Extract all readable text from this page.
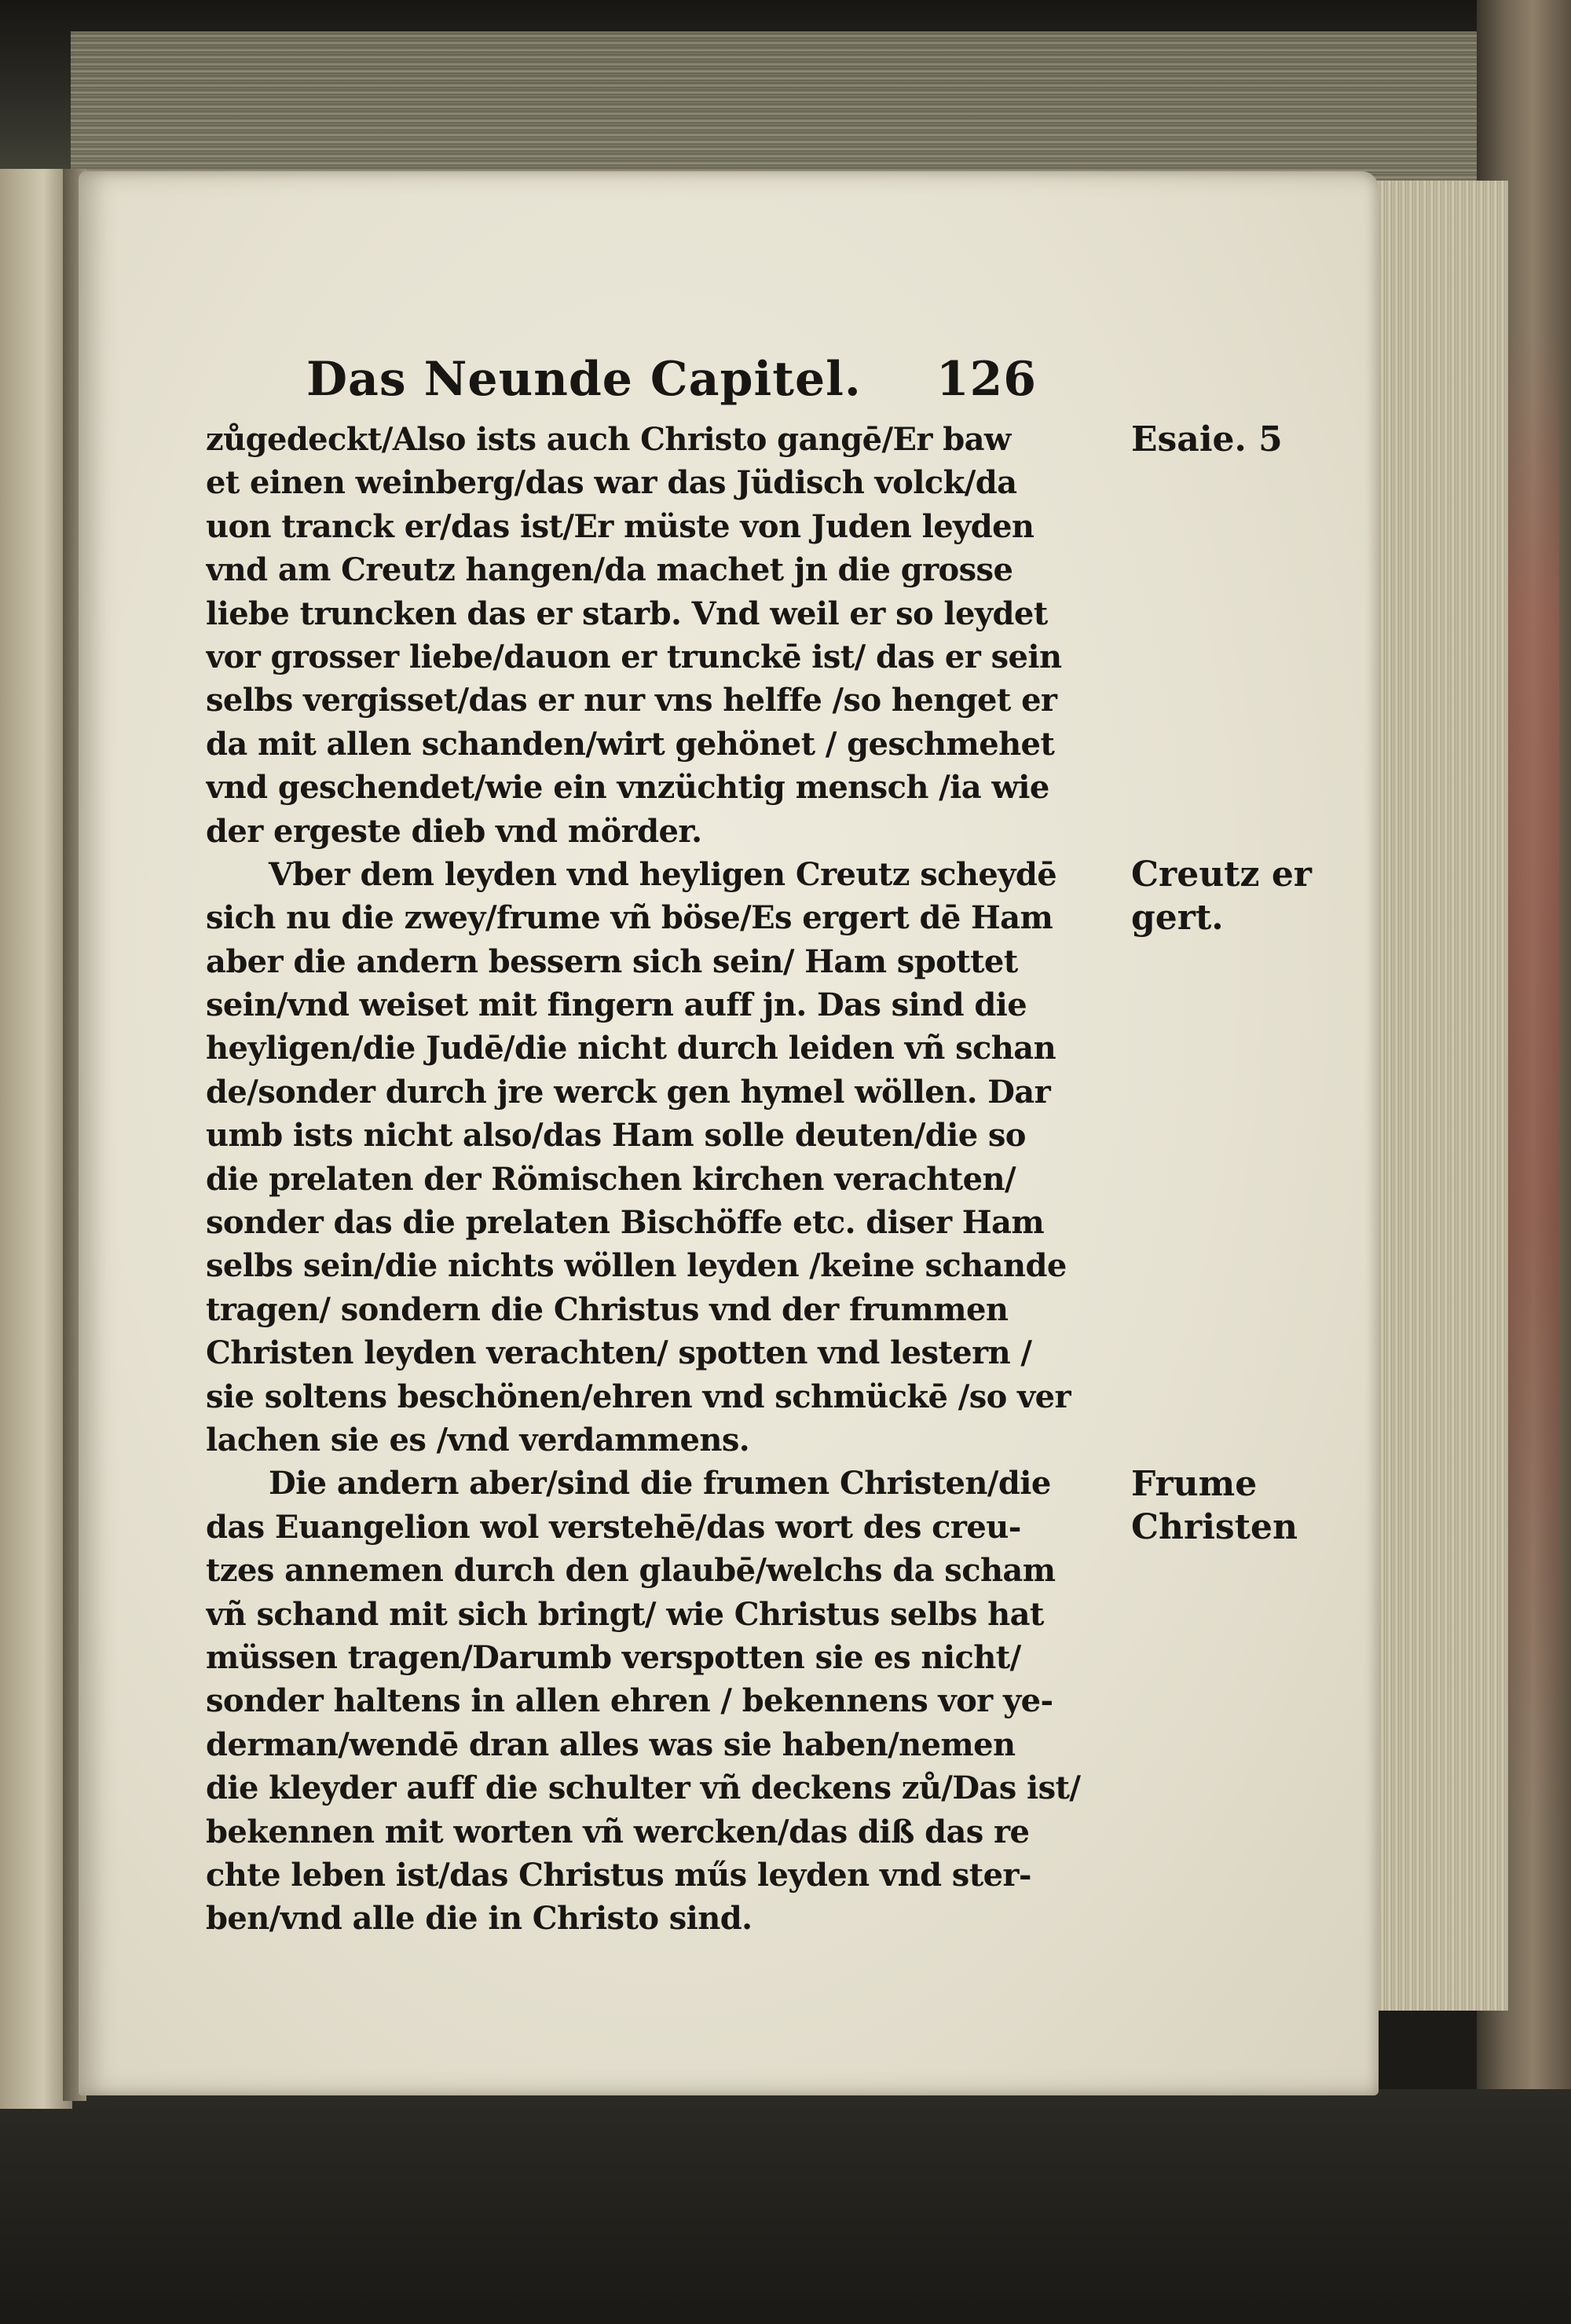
Das Neunde Capitel. 126
zůgedeckt/Also ists auch Christo gangē/Er baw
et einen weinberg/das war das Jüdisch volck/da
uon tranck er/das ist/Er müste von Juden leyden
vnd am Creutz hangen/da machet jn die grosse
liebe truncken das er starb. Vnd weil er so leydet
vor grosser liebe/dauon er trunckē ist/ das er sein
selbs vergisset/das er nur vns helffe /so henget er
da mit allen schanden/wirt gehönet / geschmehet
vnd geschendet/wie ein vnzüchtig mensch /ia wie
der ergeste dieb vnd mörder.
Vber dem leyden vnd heyligen Creutz scheydē
sich nu die zwey/frume vñ böse/Es ergert dē Ham
aber die andern bessern sich sein/ Ham spottet
sein/vnd weiset mit fingern auff jn. Das sind die
heyligen/die Judē/die nicht durch leiden vñ schan
de/sonder durch jre werck gen hymel wöllen. Dar
umb ists nicht also/das Ham solle deuten/die so
die prelaten der Römischen kirchen verachten/
sonder das die prelaten Bischöffe etc. diser Ham
selbs sein/die nichts wöllen leyden /keine schande
tragen/ sondern die Christus vnd der frummen
Christen leyden verachten/ spotten vnd lestern /
sie soltens beschönen/ehren vnd schmückē /so ver
lachen sie es /vnd verdammens.
Die andern aber/sind die frumen Christen/die
das Euangelion wol verstehē/das wort des creu-
tzes annemen durch den glaubē/welchs da scham
vñ schand mit sich bringt/ wie Christus selbs hat
müssen tragen/Darumb verspotten sie es nicht/
sonder haltens in allen ehren / bekennens vor ye-
derman/wendē dran alles was sie haben/nemen
die kleyder auff die schulter vñ deckens zů/Das ist/
bekennen mit worten vñ wercken/das diß das re
chte leben ist/das Christus műs leyden vnd ster-
ben/vnd alle die in Christo sind.
Esaie. 5
Creutz er
gert.
Frume
Christen
